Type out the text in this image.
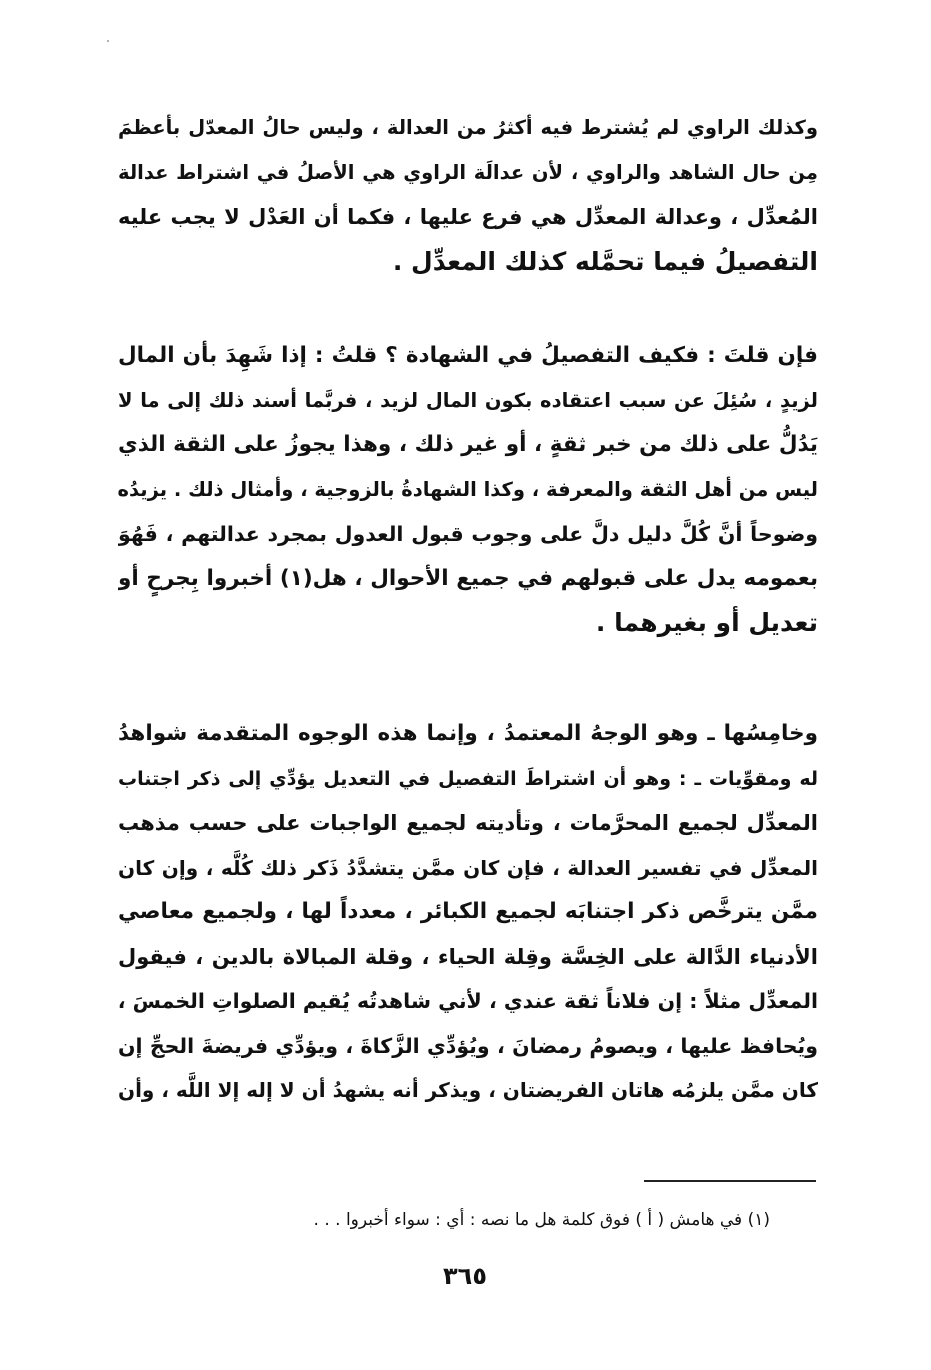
وكذلك الراوي لم يُشترط فيه أكثرُ من العدالة ، وليس حالُ المعدّل بأعظمَ
مِن حال الشاهد والراوي ، لأن عدالَة الراوي هي الأصلُ في اشتراط عدالة
المُعدِّل ، وعدالة المعدِّل هي فرع عليها ، فكما أن العَدْل لا يجب عليه
التفصيلُ فيما تحمَّله كذلك المعدِّل .
فإن قلتَ : فكيف التفصيلُ في الشهادة ؟ قلتُ : إذا شَهِدَ بأن المال
لزيدٍ ، سُئِلَ عن سبب اعتقاده بكون المال لزيد ، فربَّما أسند ذلك إلى ما لا
يَدُلُّ على ذلك من خبر ثقةٍ ، أو غير ذلك ، وهذا يجوزُ على الثقة الذي
ليس من أهل الثقة والمعرفة ، وكذا الشهادةُ بالزوجية ، وأمثال ذلك . يزيدُه
وضوحاً أنَّ كُلَّ دليل دلَّ على وجوب قبول العدول بمجرد عدالتهم ، فَهُوَ
بعمومه يدل على قبولهم في جميع الأحوال ، هل(١) أخبروا بِجرحٍ أو
تعديل أو بغيرهما .
وخامِسُها ـ وهو الوجهُ المعتمدُ ، وإنما هذه الوجوه المتقدمة شواهدُ
له ومقوِّيات ـ : وهو أن اشتراطَ التفصيل في التعديل يؤدِّي إلى ذكر اجتناب
المعدِّل لجميع المحرَّمات ، وتأديته لجميع الواجبات على حسب مذهب
المعدِّل في تفسير العدالة ، فإن كان ممَّن يتشدَّدُ ذَكر ذلك كُلَّه ، وإن كان
ممَّن يترخَّص ذكر اجتنابَه لجميع الكبائر ، معدداً لها ، ولجميع معاصي
الأدنياء الدَّالة على الخِسَّة وقِلة الحياء ، وقلة المبالاة بالدين ، فيقول
المعدِّل مثلاً : إن فلاناً ثقة عندي ، لأني شاهدتُه يُقيم الصلواتِ الخمسَ ،
ويُحافظ عليها ، ويصومُ رمضانَ ، ويُؤدِّي الزَّكاةَ ، ويؤدِّي فريضةَ الحجِّ إن
كان ممَّن يلزمُه هاتان الفريضتان ، ويذكر أنه يشهدُ أن لا إله إلا اللَّه ، وأن
(١) في هامش ( أ ) فوق كلمة هل ما نصه : أي : سواء أخبروا . . .
٣٦٥
